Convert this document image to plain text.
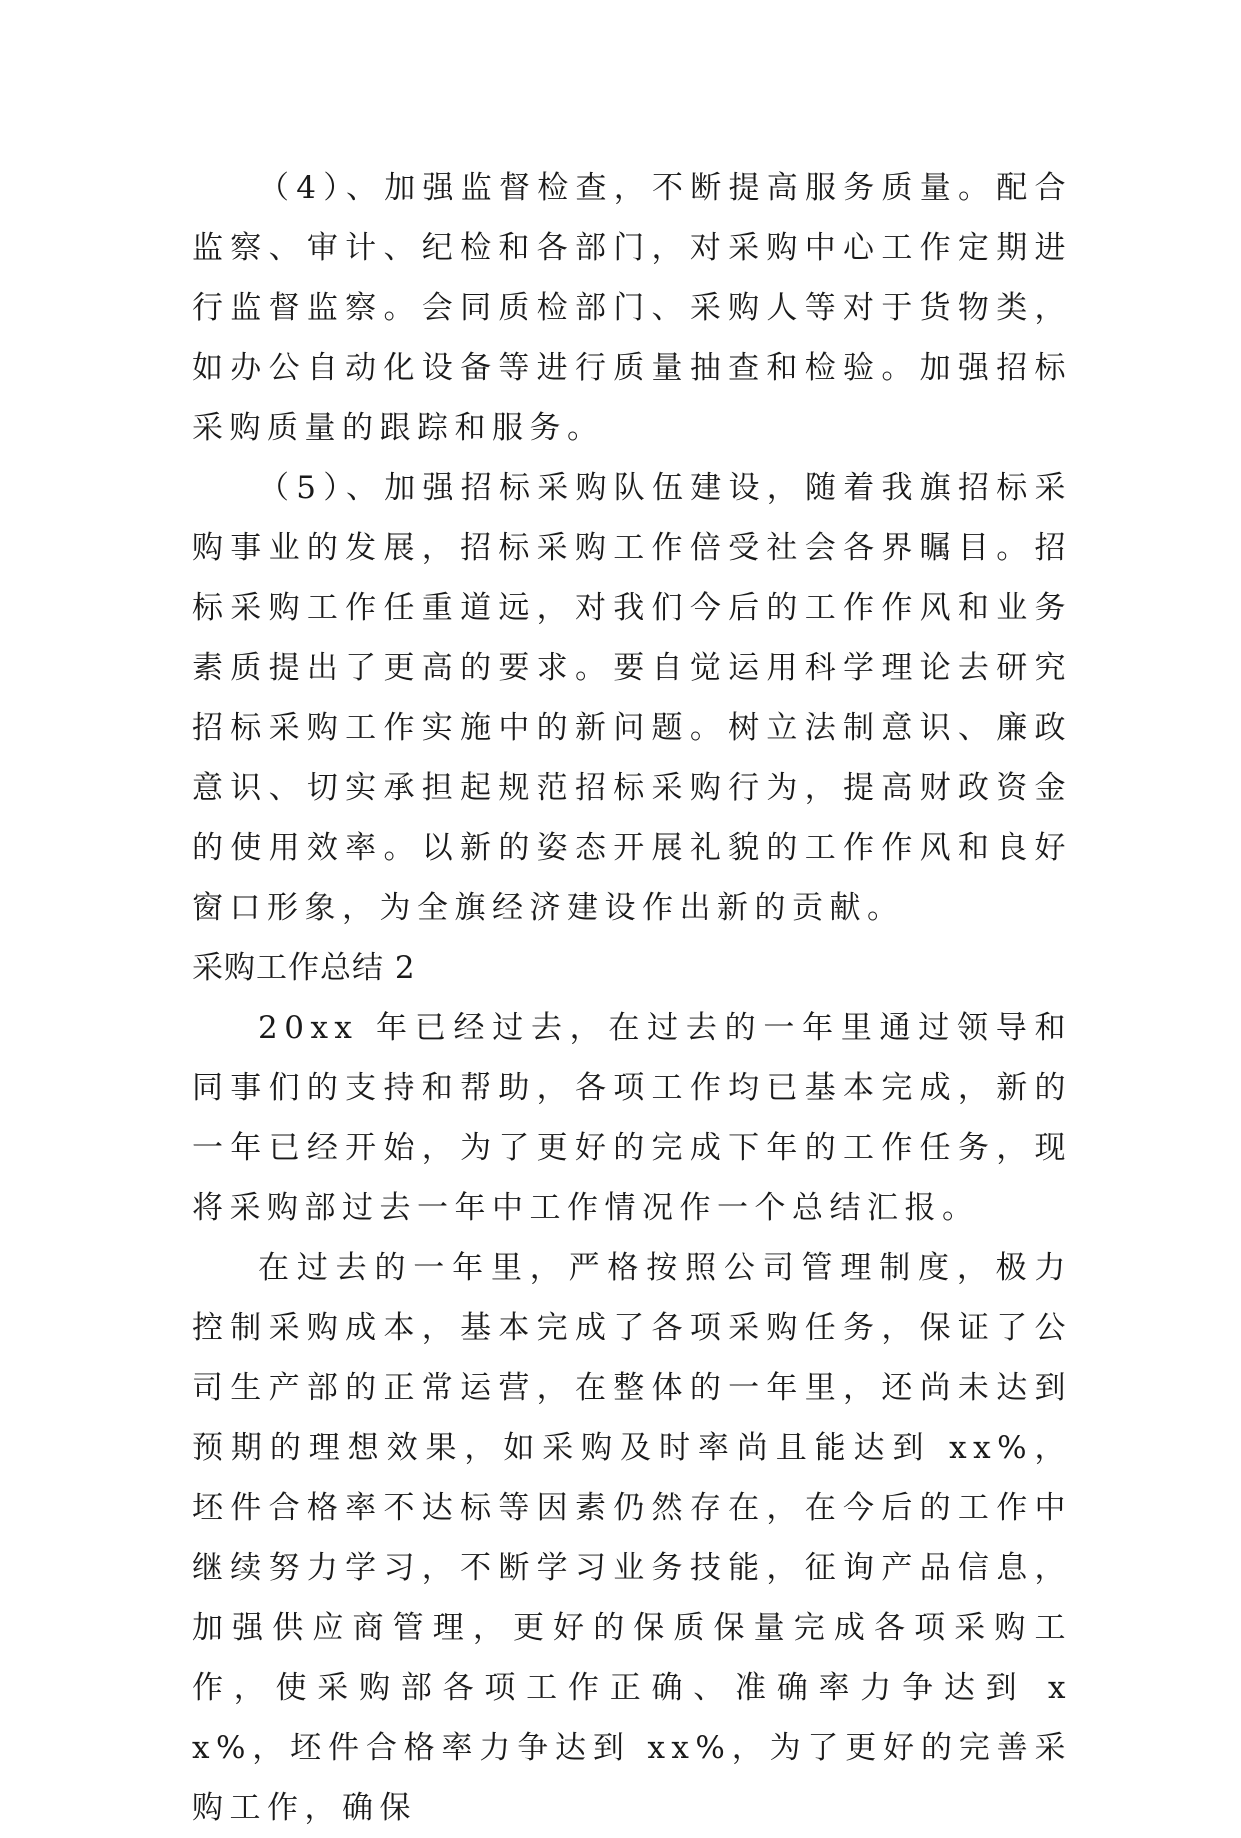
（4）、加强监督检查，不断提高服务质量。配合监察、审计、纪检和各部门，对采购中心工作定期进行监督监察。会同质检部门、采购人等对于货物类，如办公自动化设备等进行质量抽查和检验。加强招标采购质量的跟踪和服务。

（5）、加强招标采购队伍建设，随着我旗招标采购事业的发展，招标采购工作倍受社会各界瞩目。招标采购工作任重道远，对我们今后的工作作风和业务素质提出了更高的要求。要自觉运用科学理论去研究招标采购工作实施中的新问题。树立法制意识、廉政意识、切实承担起规范招标采购行为，提高财政资金的使用效率。以新的姿态开展礼貌的工作作风和良好窗口形象，为全旗经济建设作出新的贡献。

采购工作总结 2

20xx 年已经过去，在过去的一年里通过领导和同事们的支持和帮助，各项工作均已基本完成，新的一年已经开始，为了更好的完成下年的工作任务，现将采购部过去一年中工作情况作一个总结汇报。

在过去的一年里，严格按照公司管理制度，极力控制采购成本，基本完成了各项采购任务，保证了公司生产部的正常运营，在整体的一年里，还尚未达到预期的理想效果，如采购及时率尚且能达到 xx%，坯件合格率不达标等因素仍然存在，在今后的工作中继续努力学习，不断学习业务技能，征询产品信息，加强供应商管理，更好的保质保量完成各项采购工作，使采购部各项工作正确、准确率力争达到 xx%，坯件合格率力争达到 xx%，为了更好的完善采购工作，确保
